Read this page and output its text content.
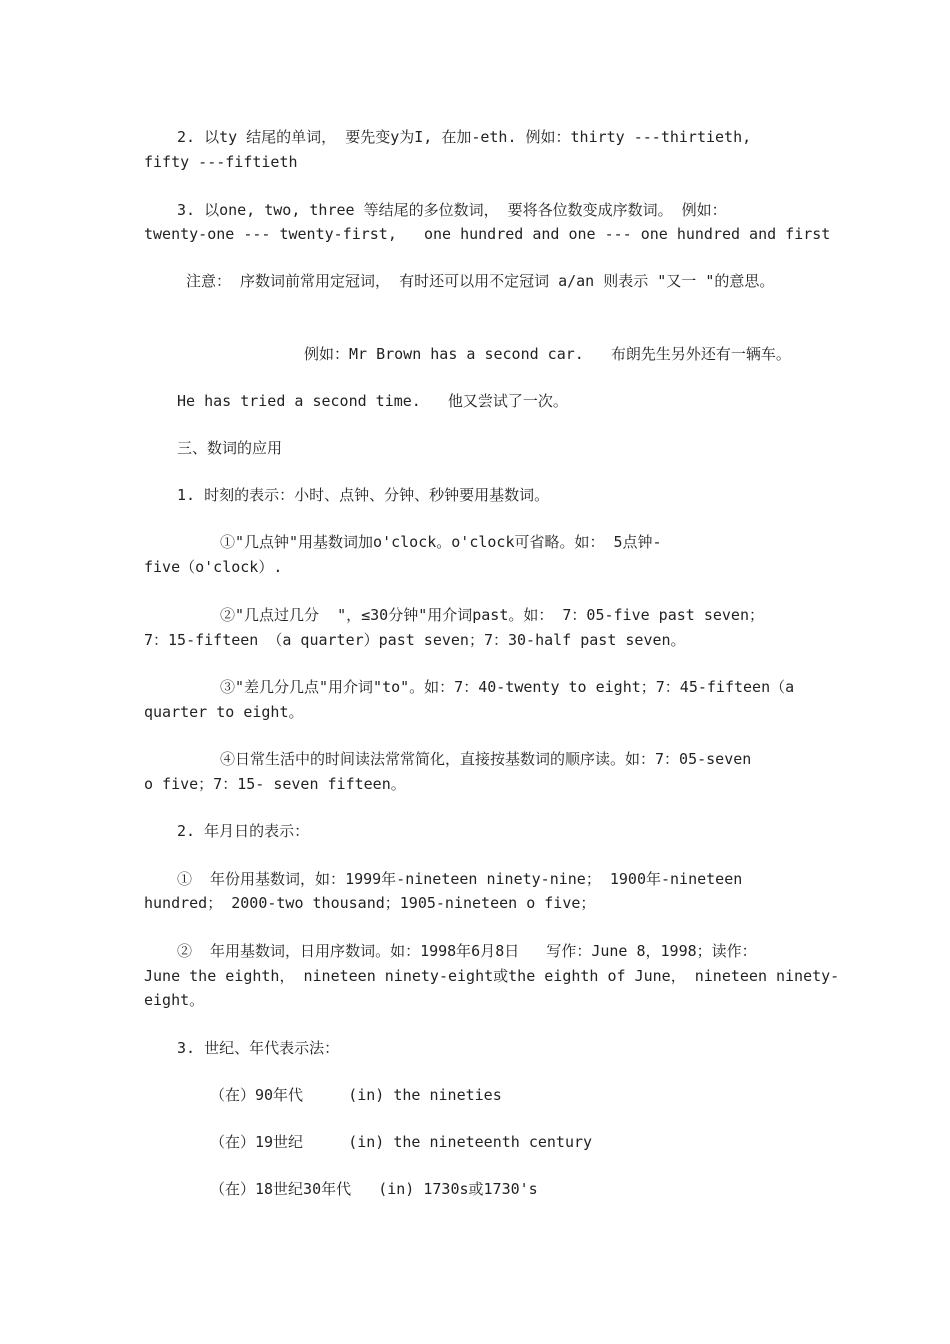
2. 以ty 结尾的单词， 要先变y为I, 在加-eth. 例如：thirty ---thirtieth,
fifty ---fiftieth
3. 以one, two, three 等结尾的多位数词， 要将各位数变成序数词。 例如：
twenty-one --- twenty-first,   one hundred and one --- one hundred and first
注意： 序数词前常用定冠词， 有时还可以用不定冠词 a/an 则表示 "又一 "的意思。
例如：Mr Brown has a second car.   布朗先生另外还有一辆车。
He has tried a second time.   他又尝试了一次。
三、数词的应用
1. 时刻的表示：小时、点钟、分钟、秒钟要用基数词。
①"几点钟"用基数词加o'clock。o'clock可省略。如： 5点钟-
five（o'clock）.
②"几点过几分  "，≤30分钟"用介词past。如： 7：05-five past seven；
7：15-fifteen （a quarter）past seven；7：30-half past seven。
③"差几分几点"用介词"to"。如：7：40-twenty to eight；7：45-fifteen（a
quarter to eight。
④日常生活中的时间读法常常简化，直接按基数词的顺序读。如：7：05-seven
o five；7：15- seven fifteen。
2. 年月日的表示：
①  年份用基数词，如：1999年-nineteen ninety-nine； 1900年-nineteen
hundred； 2000-two thousand；1905-nineteen o five；
②  年用基数词，日用序数词。如：1998年6月8日   写作：June 8，1998；读作：
June the eighth， nineteen ninety-eight或the eighth of June， nineteen ninety-
eight。
3. 世纪、年代表示法：
（在）90年代     (in) the nineties
（在）19世纪     (in) the nineteenth century
（在）18世纪30年代   (in) 1730s或1730's
